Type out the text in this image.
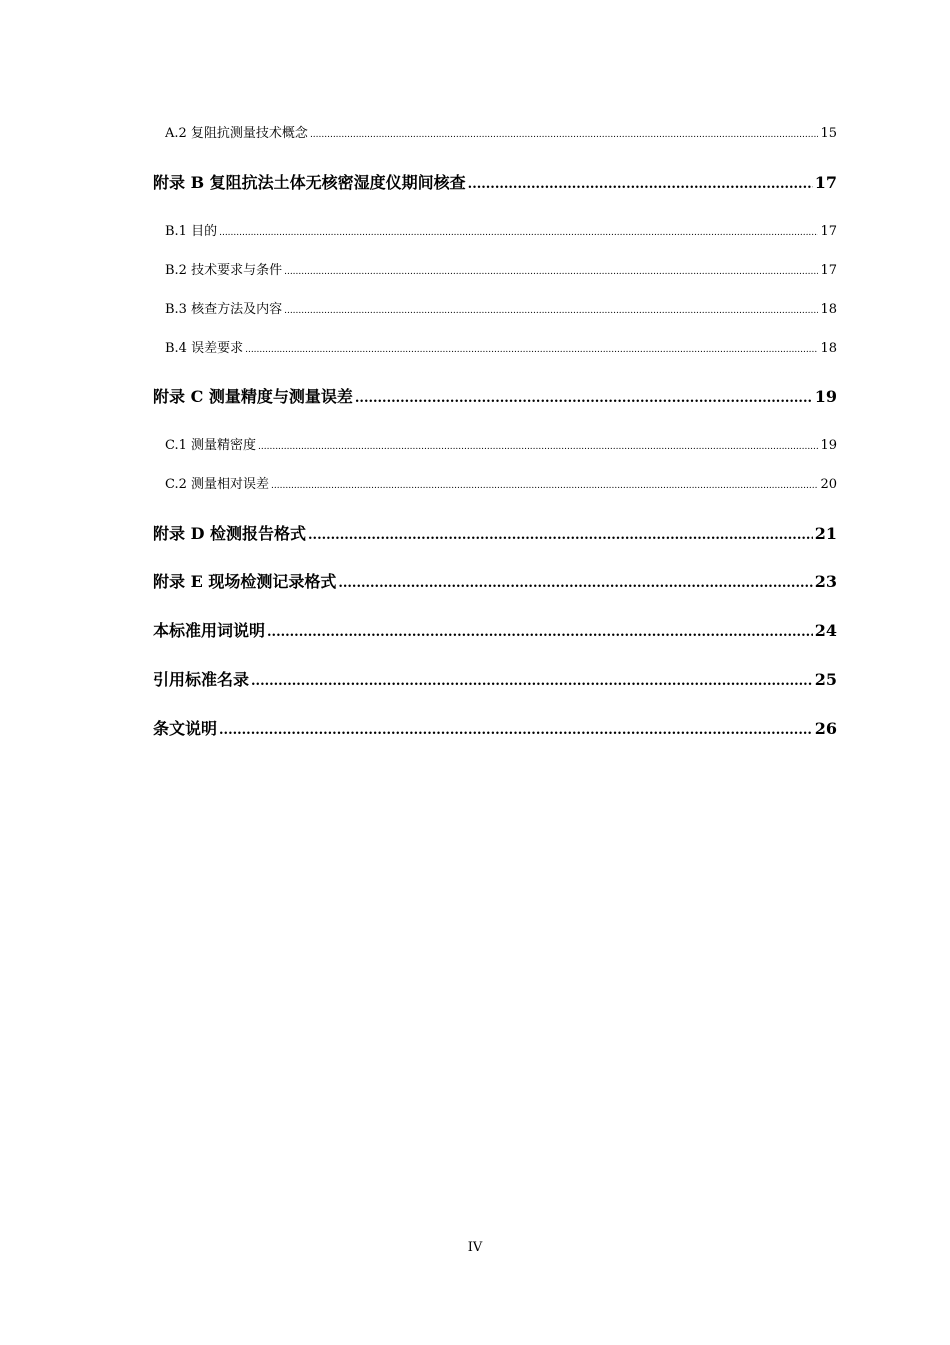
A.2 复阻抗测量技术概念 .....	15
附录 B 复阻抗法土体无核密湿度仪期间核查 .....	17
B.1 目的 .....	17
B.2 技术要求与条件 .....	17
B.3 核查方法及内容 .....	18
B.4 误差要求 .....	18
附录 C 测量精度与测量误差 .....	19
C.1 测量精密度 .....	19
C.2 测量相对误差 .....	20
附录 D 检测报告格式 .....	21
附录 E 现场检测记录格式 .....	23
本标准用词说明 .....	24
引用标准名录 .....	25
条文说明 .....	26
IV
